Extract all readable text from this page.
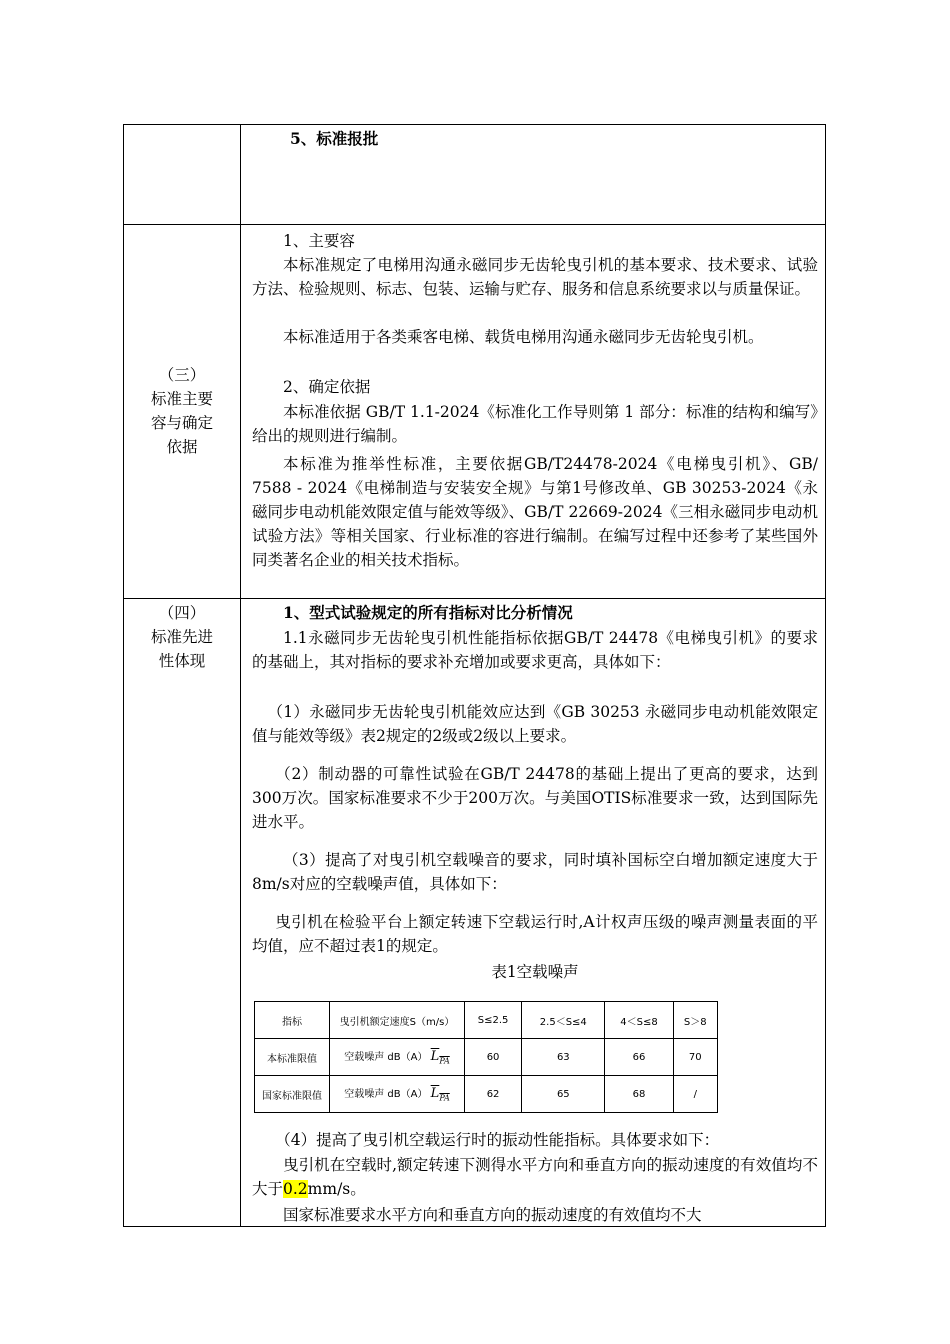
5、标准报批

（三）
标准主要
容与确定
依据

1、主要容

本标准规定了电梯用沟通永磁同步无齿轮曳引机的基本要求、技术要求、试验方法、检验规则、标志、包装、运输与贮存、服务和信息系统要求以与质量保证。

本标准适用于各类乘客电梯、载货电梯用沟通永磁同步无齿轮曳引机。

2、确定依据

本标准依据 GB/T 1.1-2024《标准化工作导则第 1 部分：标准的结构和编写》给出的规则进行编制。

本标准为推举性标准，主要依据GB/T24478-2024《电梯曳引机》、GB/ 7588 - 2024《电梯制造与安装安全规》与第1号修改单、GB 30253-2024《永磁同步电动机能效限定值与能效等级》、GB/T 22669-2024《三相永磁同步电动机试验方法》等相关国家、行业标准的容进行编制。在编写过程中还参考了某些国外同类著名企业的相关技术指标。

（四）
标准先进
性体现

1、型式试验规定的所有指标对比分析情况

1.1永磁同步无齿轮曳引机性能指标依据GB/T 24478《电梯曳引机》的要求的基础上，其对指标的要求补充增加或要求更高，具体如下：

（1）永磁同步无齿轮曳引机能效应达到《GB 30253 永磁同步电动机能效限定值与能效等级》表2规定的2级或2级以上要求。

（2）制动器的可靠性试验在GB/T 24478的基础上提出了更高的要求，达到300万次。国家标准要求不少于200万次。与美国OTIS标准要求一致，达到国际先进水平。

（3）提高了对曳引机空载噪音的要求，同时填补国标空白增加额定速度大于8m/s对应的空载噪声值，具体如下：

曳引机在检验平台上额定转速下空载运行时,A计权声压级的噪声测量表面的平均值，应不超过表1的规定。

表1空载噪声
指标	曳引机额定速度S（m/s）	S≤2.5	2.5＜S≤4	4＜S≤8	S＞8
本标准限值	空载噪声 dB（A） $L_{PA}$	60	63	66	70
国家标准限值	空载噪声 dB（A） $L_{PA}$	62	65	68	/

（4）提高了曳引机空载运行时的振动性能指标。具体要求如下：

曳引机在空载时,额定转速下测得水平方向和垂直方向的振动速度的有效值均不大于0.2mm/s。

国家标准要求水平方向和垂直方向的振动速度的有效值均不大
